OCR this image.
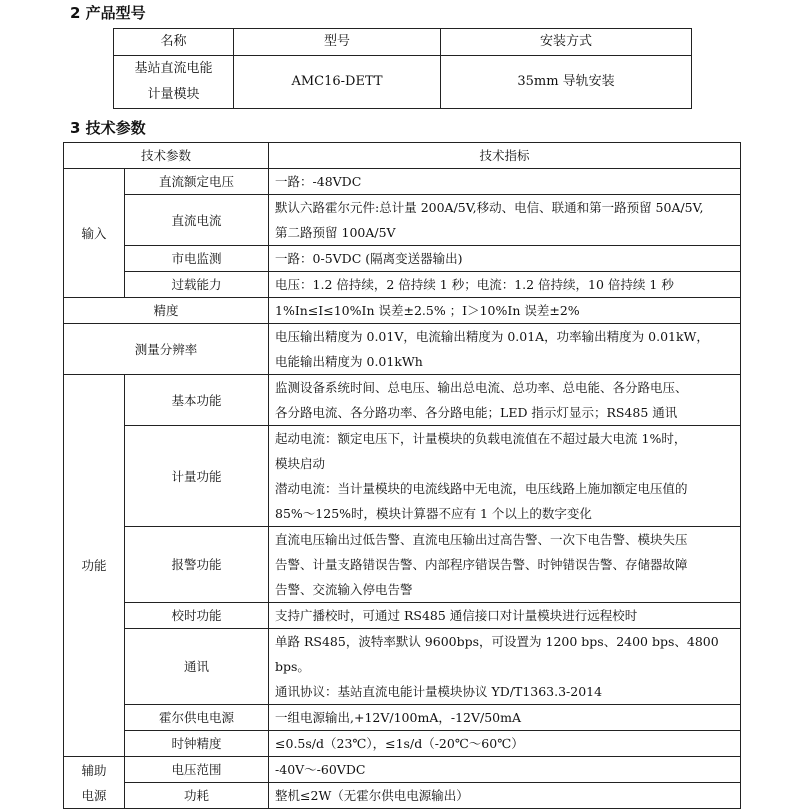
2 产品型号
名称	型号	安装方式

基站直流电能
计量模块	AMC16-DETT	35mm 导轨安装
3 技术参数
技术参数		技术指标
输入	直流额定电压	一路：-48VDC

	直流电流	默认六路霍尔元件:总计量 200A/5V,移动、电信、联通和第一路预留 50A/5V,
第二路预留 100A/5V

	市电监测	一路：0-5VDC (隔离变送器输出)

	过载能力	电压：1.2 倍持续，2 倍持续 1 秒；电流：1.2 倍持续，10 倍持续 1 秒

精度		1%In≤I≤10%In 误差±2.5% ；I＞10%In 误差±2%

测量分辨率		电压输出精度为 0.01V，电流输出精度为 0.01A，功率输出精度为 0.01kW，
电能输出精度为 0.01kWh

功能	基本功能	监测设备系统时间、总电压、输出总电流、总功率、总电能、各分路电压、
各分路电流、各分路功率、各分路电能；LED 指示灯显示；RS485 通讯

	计量功能	起动电流：额定电压下，计量模块的负载电流值在不超过最大电流 1%时，
模块启动
潜动电流：当计量模块的电流线路中无电流，电压线路上施加额定电压值的
85%～125%时，模块计算器不应有 1 个以上的数字变化

	报警功能	直流电压输出过低告警、直流电压输出过高告警、一次下电告警、模块失压
告警、计量支路错误告警、内部程序错误告警、时钟错误告警、存储器故障
告警、交流输入停电告警

	校时功能	支持广播校时，可通过 RS485 通信接口对计量模块进行远程校时

	通讯	单路 RS485，波特率默认 9600bps，可设置为 1200 bps、2400 bps、4800 bps。
通讯协议：基站直流电能计量模块协议 YD/T1363.3-2014

	霍尔供电电源	一组电源输出,+12V/100mA，-12V/50mA

	时钟精度	≤0.5s/d（23℃），≤1s/d（-20℃～60℃）

辅助
电源	电压范围	-40V～-60VDC

	功耗	整机≤2W（无霍尔供电电源输出）
